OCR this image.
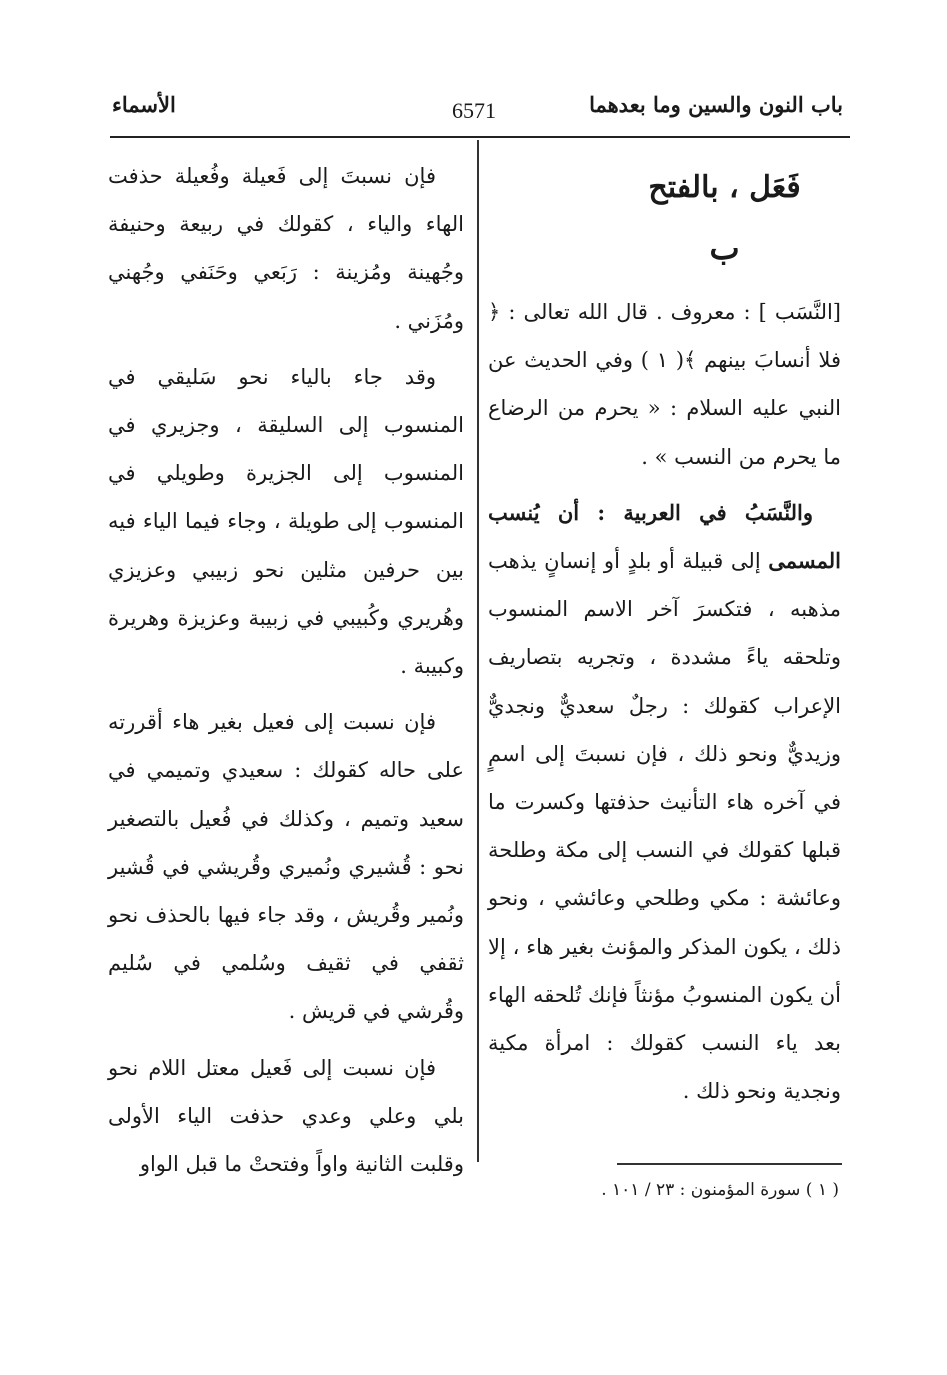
باب النون والسين وما بعدهما
6571
الأسماء
فَعَل ، بالفتح
ب

[النَّسَب ] : معروف . قال الله تعالى : ﴿ فلا أنسابَ بينهم ﴾( ١ ) وفي الحديث عن النبي عليه السلام : « يحرم من الرضاع ما يحرم من النسب » .

والنَّسَبُ في العربية : أن يُنسب المسمى إلى قبيلة أو بلدٍ أو إنسانٍ يذهب مذهبه ، فتكسرَ آخر الاسم المنسوب وتلحقه ياءً مشددة ، وتجريه بتصاريف الإعراب كقولك : رجلٌ سعديٌّ ونجديٌّ وزيديٌّ ونحو ذلك ، فإن نسبتَ إلى اسمٍ في آخره هاء التأنيث حذفتها وكسرت ما قبلها كقولك في النسب إلى مكة وطلحة وعائشة : مكي وطلحي وعائشي ، ونحو ذلك ، يكون المذكر والمؤنث بغير هاء ، إلا أن يكون المنسوبُ مؤنثاً فإنك تُلحقه الهاء بعد ياء النسب كقولك : امرأة مكية ونجدية ونحو ذلك .

فإن نسبتَ إلى فَعيلة وفُعيلة حذفت الهاء والياء ، كقولك في ربيعة وحنيفة وجُهينة ومُزينة : رَبَعي وحَنَفي وجُهني ومُزَني .

وقد جاء بالياء نحو سَليقي في المنسوب إلى السليقة ، وجزيري في المنسوب إلى الجزيرة وطويلي في المنسوب إلى طويلة ، وجاء فيما الياء فيه بين حرفين مثلين نحو زبيبي وعزيزي وهُريري وكُبيبي في زبيبة وعزيزة وهريرة وكبيبة .

فإن نسبت إلى فعيل بغير هاء أقررته على حاله كقولك : سعيدي وتميمي في سعيد وتميم ، وكذلك في فُعيل بالتصغير نحو : قُشيري ونُميري وقُريشي في قُشير ونُمير وقُريش ، وقد جاء فيها بالحذف نحو ثقفي في ثقيف وسُلمي في سُليم وقُرشي في قريش .

فإن نسبت إلى فَعيل معتل اللام نحو بلي وعلي وعدي حذفت الياء الأولى وقلبت الثانية واواً وفتحتْ ما قبل الواو

( ١ ) سورة المؤمنون : ٢٣ / ١٠١ .
